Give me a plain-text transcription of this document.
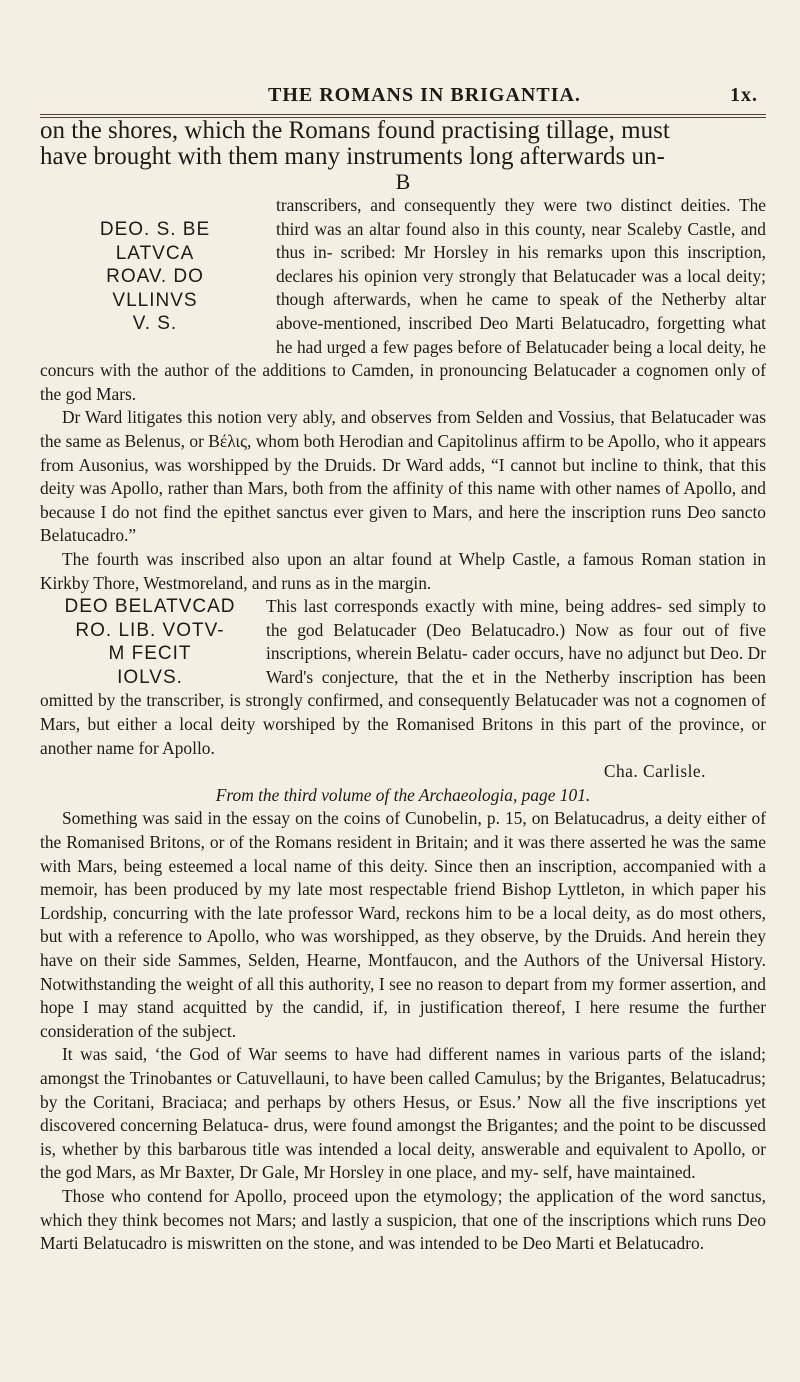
THE ROMANS IN BRIGANTIA.	1x.

on the shores, which the Romans found practising tillage, must

have brought with them many instruments long afterwards un-

B

DEO. S. BE
LATVCA
ROAV. DO
VLLINVS
V. S.

transcribers, and consequently they were two distinct deities. The third was an altar found also in this county, near Scaleby Castle, and thus in- scribed: Mr Horsley in his remarks upon this inscription, declares his opinion very strongly that Belatucader was a local deity; though afterwards, when he came to speak of the Netherby altar above-mentioned, inscribed Deo Marti Belatucadro, forgetting what he had urged a few pages before of Belatucader being a local deity, he concurs with the author of the additions to Camden, in pronouncing Belatucader a cognomen only of the god Mars.

Dr Ward litigates this notion very ably, and observes from Selden and Vossius, that Belatucader was the same as Belenus, or Βέλις, whom both Herodian and Capitolinus affirm to be Apollo, who it appears from Ausonius, was worshipped by the Druids. Dr Ward adds, “I cannot but incline to think, that this deity was Apollo, rather than Mars, both from the affinity of this name with other names of Apollo, and because I do not find the epithet sanctus ever given to Mars, and here the inscription runs Deo sancto Belatucadro.”

The fourth was inscribed also upon an altar found at Whelp Castle, a famous Roman station in Kirkby Thore, Westmoreland, and runs as in the margin.

DEO BELATVCAD
RO. LIB. VOTV-
M FECIT
IOLVS.

This last corresponds exactly with mine, being addres- sed simply to the god Belatucader (Deo Belatucadro.) Now as four out of five inscriptions, wherein Belatu- cader occurs, have no adjunct but Deo. Dr Ward's conjecture, that the et in the Netherby inscription has been omitted by the transcriber, is strongly confirmed, and consequently Belatucader was not a cognomen of Mars, but either a local deity worshiped by the Romanised Britons in this part of the province, or another name for Apollo.

Cha. Carlisle.

From the third volume of the Archaeologia, page 101.

Something was said in the essay on the coins of Cunobelin, p. 15, on Belatucadrus, a deity either of the Romanised Britons, or of the Romans resident in Britain; and it was there asserted he was the same with Mars, being esteemed a local name of this deity. Since then an inscription, accompanied with a memoir, has been produced by my late most respectable friend Bishop Lyttleton, in which paper his Lordship, concurring with the late professor Ward, reckons him to be a local deity, as do most others, but with a reference to Apollo, who was worshipped, as they observe, by the Druids. And herein they have on their side Sammes, Selden, Hearne, Montfaucon, and the Authors of the Universal History. Notwithstanding the weight of all this authority, I see no reason to depart from my former assertion, and hope I may stand acquitted by the candid, if, in justification thereof, I here resume the further consideration of the subject.

It was said, ‘the God of War seems to have had different names in various parts of the island; amongst the Trinobantes or Catuvellauni, to have been called Camulus; by the Brigantes, Belatucadrus; by the Coritani, Braciaca; and perhaps by others Hesus, or Esus.’ Now all the five inscriptions yet discovered concerning Belatuca- drus, were found amongst the Brigantes; and the point to be discussed is, whether by this barbarous title was intended a local deity, answerable and equivalent to Apollo, or the god Mars, as Mr Baxter, Dr Gale, Mr Horsley in one place, and my- self, have maintained.

Those who contend for Apollo, proceed upon the etymology; the application of the word sanctus, which they think becomes not Mars; and lastly a suspicion, that one of the inscriptions which runs Deo Marti Belatucadro is miswritten on the stone, and was intended to be Deo Marti et Belatucadro.
